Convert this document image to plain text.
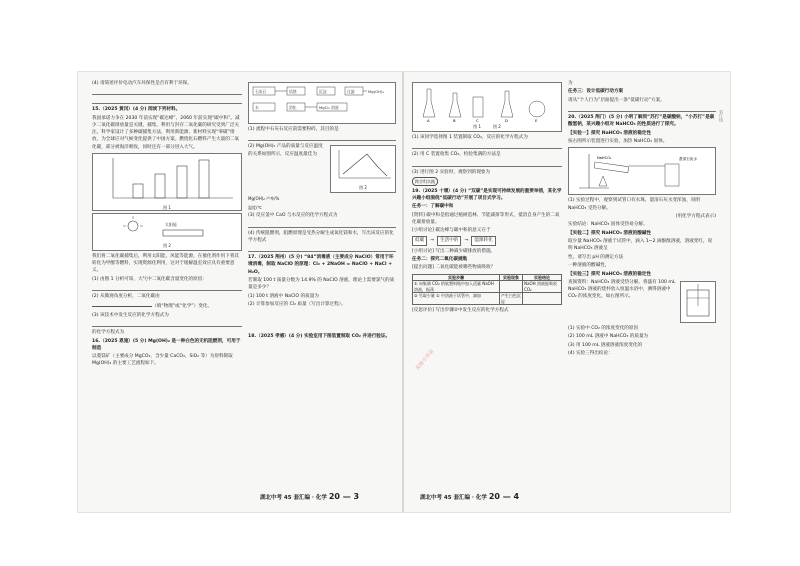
实验小学站

(4) 请简述评价电动汽车环保性是否有利于环保。

15.（2025 黄冈）(4 分) 阅读下列材料。

我国承诺力争在 2030 年前实现“碳达峰”，2060 年前实现“碳中和”。减少二氧化碳排放量是关键，捕集、利用与封存二氧化碳的研究受到广泛关注。科学家设计了多种碳捕集方法，利用新能源、新材料实现“零碳”排放，为全球应对气候变化提供了中国方案。燃烧化石燃料产生大量的二氧化碳，部分被海洋吸收，同时还有一部分进入大气。

图 1
太阳能
图 2

我们将二氧化碳捕集后，利用太阳能、风能等能源，在催化剂作用下将其转化为甲醇等燃料，实现资源化利用，这对于缓解温室效应具有重要意义。

(1) 由图 1 分析可知，大气中二氧化碳含量变化的原因：

(2) 从微观角度分析，二氧化碳由

（填“物理”或“化学”）变化。

(3) 该技术中发生反应的化学方程式为

的化学方程式为

16.（2025 恩施）(5 分) Mg(OH)₂ 是一种白色的无机阻燃剂，可用于制造

以菱镁矿（主要成分 MgCO₃，含少量 CaCO₃、SiO₂ 等）为原料制取 Mg(OH)₂ 的主要工艺流程如下。

石灰石	焙烧
水	消化	MgCl₂ 溶液
沉淀	过滤	Mg(OH)₂

(1) 流程中石灰石反应前需要粉碎，其目的是

(2) Mg(OH)₂ 产品的质量与反应温度的关系如图所示，反应温度最佳为

图 2

Mg(OH)₂ 产率/%

温度/℃

(3) 反应釜中 CaO 与水反应的化学方程式为

(4) 传统阻燃剂，阻燃原理是受热分解生成氧化镁和水，写出该反应的化学方程式

17.（2025 荆州）(5 分) “84”消毒液（主要成分 NaClO）常用于环境消毒，制取 NaClO 的原理：Cl₂ + 2NaOH = NaClO + NaCl + H₂O。

若制取 100 t 质量分数为 14.9% 的 NaClO 溶液，理论上需要氯气的质量是多少？

(1) 100 t 溶液中 NaClO 的质量为

(2) 计算参加反应的 Cl₂ 质量（写出计算过程）。

18.（2025 孝感）(4 分) 实验室用下图装置制取 CO₂ 并进行验证。

湖北中考 45 套汇编 · 化学 20 — 3
A	B	C	D	E
图 1　　　	图 2

(1) 该同学选择图 1 装置制取 CO₂，反应的化学方程式为

(2) 用 C 装置收集 CO₂，检验集满的方法是

(3) 进行图 2 实验时，观察到的现象为

跨学科实践

19.（2025 十堰）(4 分) “双碳”是实现可持续发展的重要举措，某化学兴趣小组围绕“低碳行动”开展了项目式学习。

任务一：了解碳中和

[资料] 碳中和是指通过植树造林、节能减排等形式，抵消自身产生的二氧化碳排放量。

[小组讨论] 碳达峰与碳中和的意义在于

低碳	→	生活中的	→	能源转化

[小组讨论] 写出二种减少碳排放的措施。

任务二：探究二氧化碳捕集

[提出问题] 二氧化碳能被哪些物质吸收？

实验步骤	实验现象	实验结论
① 向集满 CO₂ 的软塑料瓶中加入适量 NaOH 溶液，振荡		NaOH 溶液能吸收 CO₂
② 另取少量 ① 中溶液于试管中，滴加	产生白色沉淀	

[反思评价] 写出步骤②中发生反应的化学方程式

为

任务三：设计低碳行动方案

请从“个人行为”层面提出一条“低碳行动”方案。

20.（2025 荆门）(5 分) 小明了解到“苏打”是碳酸钠，“小苏打”是碳酸氢钠，某兴趣小组对 NaHCO₃ 的性质进行了探究。

【实验一】探究 NaHCO₃ 溶液的稳定性

按右图所示装置进行实验，加热 NaHCO₃ 固体。

NaHCO₃	澄清石灰水

(1) 实验过程中，观察到试管口有水珠，澄清石灰水变浑浊，说明 NaHCO₃ 受热分解。

(用化学方程式表示)

实验结论：NaHCO₃ 固体受热易分解。

【实验二】探究 NaHCO₃ 溶液的酸碱性

取少量 NaHCO₃ 溶液于试管中，滴入 1~2 滴酚酞溶液，溶液变红，说明 NaHCO₃ 溶液呈

性，请写出 pH 的测定方法

一种溶液的酸碱性，

【实验三】探究 NaHCO₃ 溶液的稳定性

查阅资料：NaHCO₃ 溶液受热分解。将盛有 100 mL NaHCO₃ 溶液的烧杯放入恒温水浴中，测得溶液中 CO₂ 的浓度变化，如右图所示。

(1) 实验中 CO₂ 的浓度变化的原因

(2) 100 mL 溶液中 NaHCO₃ 的质量为

(3) 用 100 mL 溶液溶液浓度变化的

(4) 实验三得出结论：

湖北中考 45 套汇编 · 化学 20 — 4
装订线
